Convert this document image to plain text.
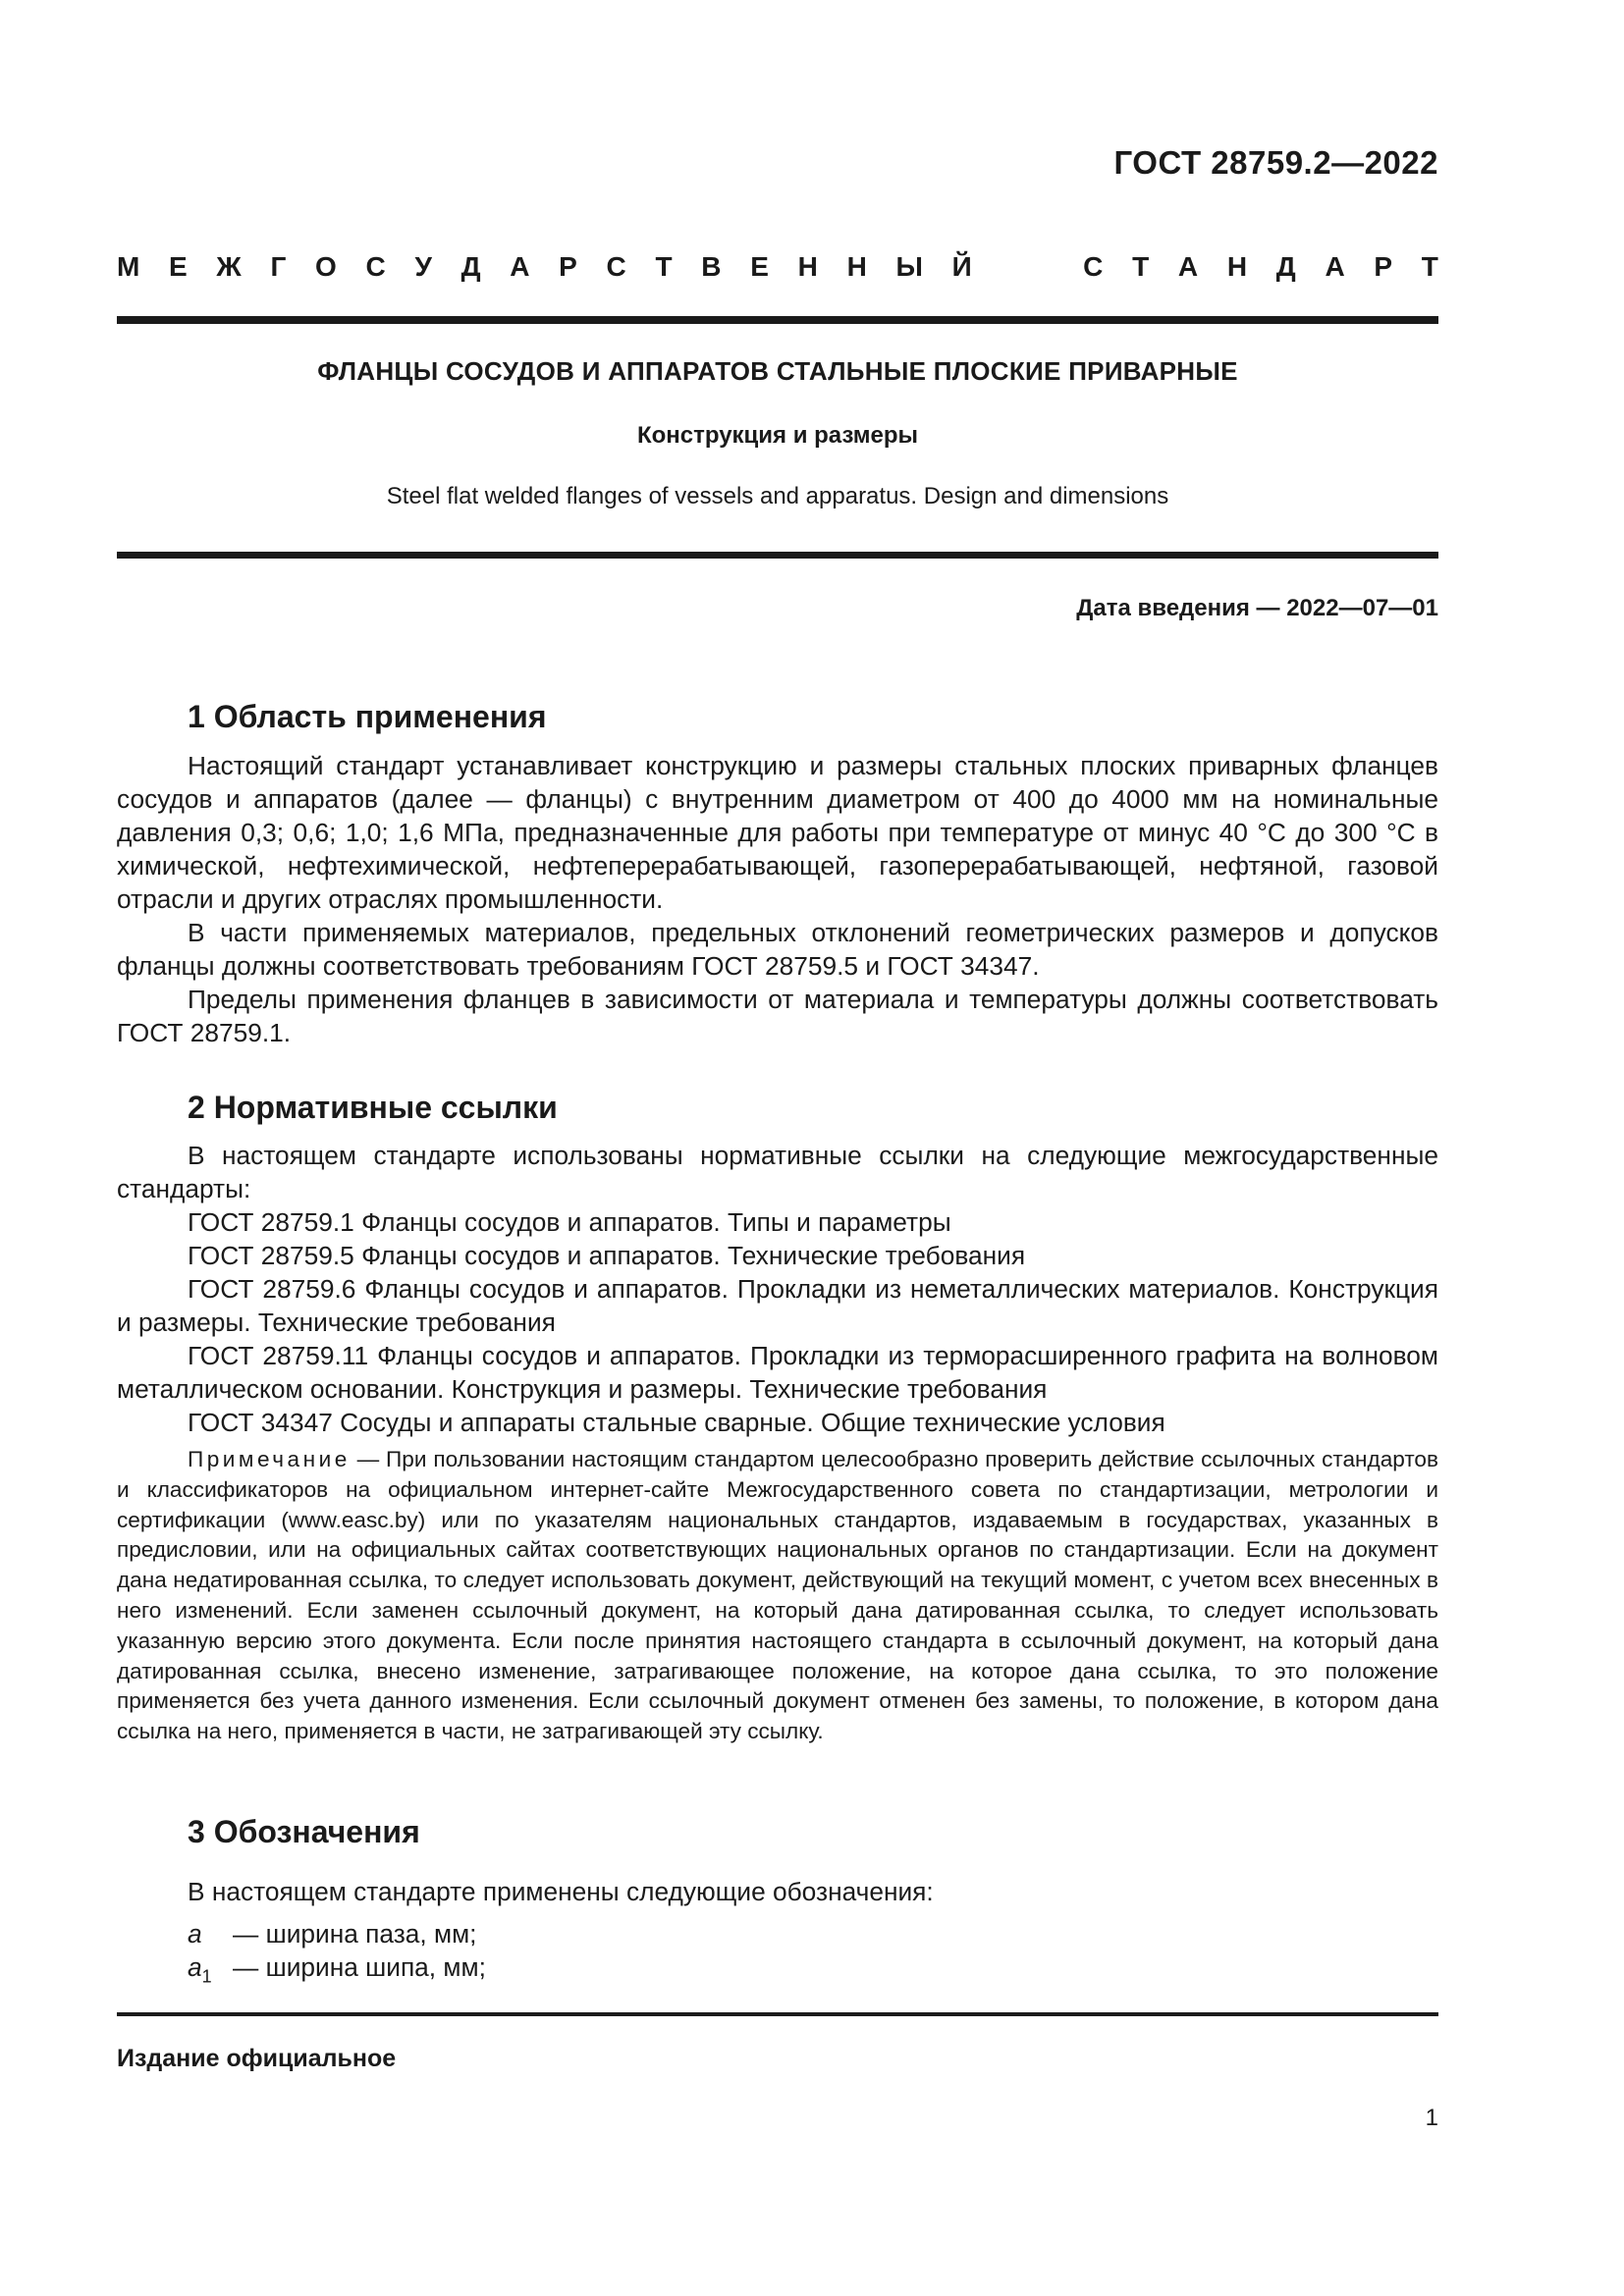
ГОСТ 28759.2—2022
М Е Ж Г О С У Д А Р С Т В Е Н Н Ы Й	С Т А Н Д А Р Т
ФЛАНЦЫ СОСУДОВ И АППАРАТОВ СТАЛЬНЫЕ ПЛОСКИЕ ПРИВАРНЫЕ
Конструкция и размеры
Steel flat welded flanges of vessels and apparatus. Design and dimensions
Дата введения — 2022—07—01
1 Область применения

Настоящий стандарт устанавливает конструкцию и размеры стальных плоских приварных фланцев сосудов и аппаратов (далее — фланцы) с внутренним диаметром от 400 до 4000 мм на номинальные давления 0,3; 0,6; 1,0; 1,6 МПа, предназначенные для работы при температуре от минус 40 °С до 300 °С в химической, нефтехимической, нефтеперерабатывающей, газоперерабатывающей, нефтяной, газовой отрасли и других отраслях промышленности.

В части применяемых материалов, предельных отклонений геометрических размеров и допусков фланцы должны соответствовать требованиям ГОСТ 28759.5 и ГОСТ 34347.

Пределы применения фланцев в зависимости от материала и температуры должны соответствовать ГОСТ 28759.1.

2 Нормативные ссылки

В настоящем стандарте использованы нормативные ссылки на следующие межгосударственные стандарты:

ГОСТ 28759.1 Фланцы сосудов и аппаратов. Типы и параметры

ГОСТ 28759.5 Фланцы сосудов и аппаратов. Технические требования

ГОСТ 28759.6 Фланцы сосудов и аппаратов. Прокладки из неметаллических материалов. Конструкция и размеры. Технические требования

ГОСТ 28759.11 Фланцы сосудов и аппаратов. Прокладки из терморасширенного графита на волновом металлическом основании. Конструкция и размеры. Технические требования

ГОСТ 34347 Сосуды и аппараты стальные сварные. Общие технические условия

Примечание — При пользовании настоящим стандартом целесообразно проверить действие ссылочных стандартов и классификаторов на официальном интернет-сайте Межгосударственного совета по стандартизации, метрологии и сертификации (www.easc.by) или по указателям национальных стандартов, издаваемым в государствах, указанных в предисловии, или на официальных сайтах соответствующих национальных органов по стандартизации. Если на документ дана недатированная ссылка, то следует использовать документ, действующий на текущий момент, с учетом всех внесенных в него изменений. Если заменен ссылочный документ, на который дана датированная ссылка, то следует использовать указанную версию этого документа. Если после принятия настоящего стандарта в ссылочный документ, на который дана датированная ссылка, внесено изменение, затрагивающее положение, на которое дана ссылка, то это положение применяется без учета данного изменения. Если ссылочный документ отменен без замены, то положение, в котором дана ссылка на него, применяется в части, не затрагивающей эту ссылку.
3 Обозначения

В настоящем стандарте применены следующие обозначения:

a	— ширина паза, мм;
$a_1$ — ширина шипа, мм;
Издание официальное
1
